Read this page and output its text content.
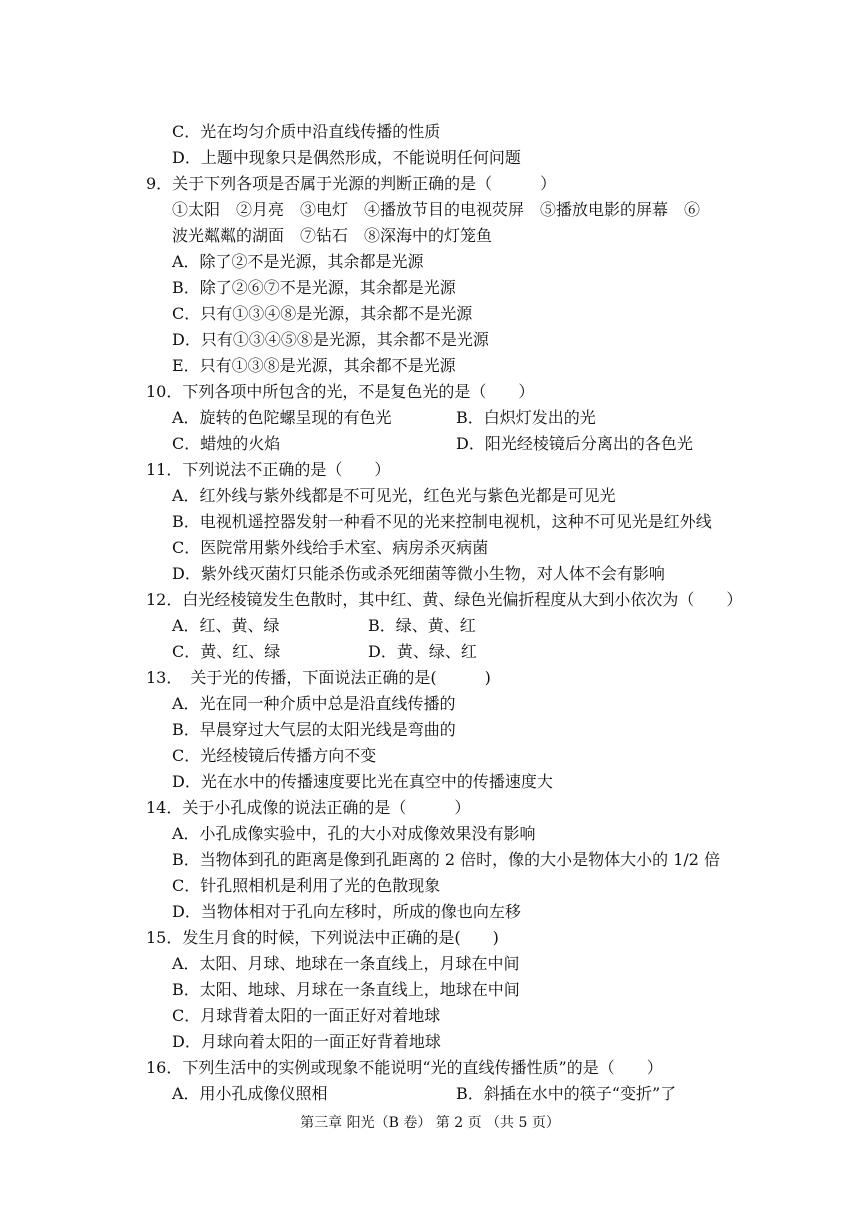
C．光在均匀介质中沿直线传播的性质
D．上题中现象只是偶然形成，不能说明任何问题
9．关于下列各项是否属于光源的判断正确的是（　　　）
①太阳　②月亮　③电灯　④播放节目的电视荧屏　⑤播放电影的屏幕　⑥
波光粼粼的湖面　⑦钻石　⑧深海中的灯笼鱼
A．除了②不是光源，其余都是光源
B．除了②⑥⑦不是光源，其余都是光源
C．只有①③④⑧是光源，其余都不是光源
D．只有①③④⑤⑧是光源，其余都不是光源
E．只有①③⑧是光源，其余都不是光源
10．下列各项中所包含的光，不是复色光的是（　　）
A．旋转的色陀螺呈现的有色光	B．白炽灯发出的光
C．蜡烛的火焰	D．阳光经棱镜后分离出的各色光
11．下列说法不正确的是（　　）
A．红外线与紫外线都是不可见光，红色光与紫色光都是可见光
B．电视机遥控器发射一种看不见的光来控制电视机，这种不可见光是红外线
C．医院常用紫外线给手术室、病房杀灭病菌
D．紫外线灭菌灯只能杀伤或杀死细菌等微小生物，对人体不会有影响
12．白光经棱镜发生色散时，其中红、黄、绿色光偏折程度从大到小依次为（　　）
A．红、黄、绿	B．绿、黄、红
C．黄、红、绿	D．黄、绿、红
13．　关于光的传播，下面说法正确的是(　　　)
A．光在同一种介质中总是沿直线传播的
B．早晨穿过大气层的太阳光线是弯曲的
C．光经棱镜后传播方向不变
D．光在水中的传播速度要比光在真空中的传播速度大
14．关于小孔成像的说法正确的是（　　　）
A．小孔成像实验中，孔的大小对成像效果没有影响
B．当物体到孔的距离是像到孔距离的 2 倍时，像的大小是物体大小的 1/2 倍
C．针孔照相机是利用了光的色散现象
D．当物体相对于孔向左移时，所成的像也向左移
15．发生月食的时候，下列说法中正确的是(　　)
A．太阳、月球、地球在一条直线上，月球在中间
B．太阳、地球、月球在一条直线上，地球在中间
C．月球背着太阳的一面正好对着地球
D．月球向着太阳的一面正好背着地球
16．下列生活中的实例或现象不能说明“光的直线传播性质”的是（　　）
A．用小孔成像仪照相	B．斜插在水中的筷子“变折”了
第三章 阳光（B 卷） 第 2 页 （共 5 页）
